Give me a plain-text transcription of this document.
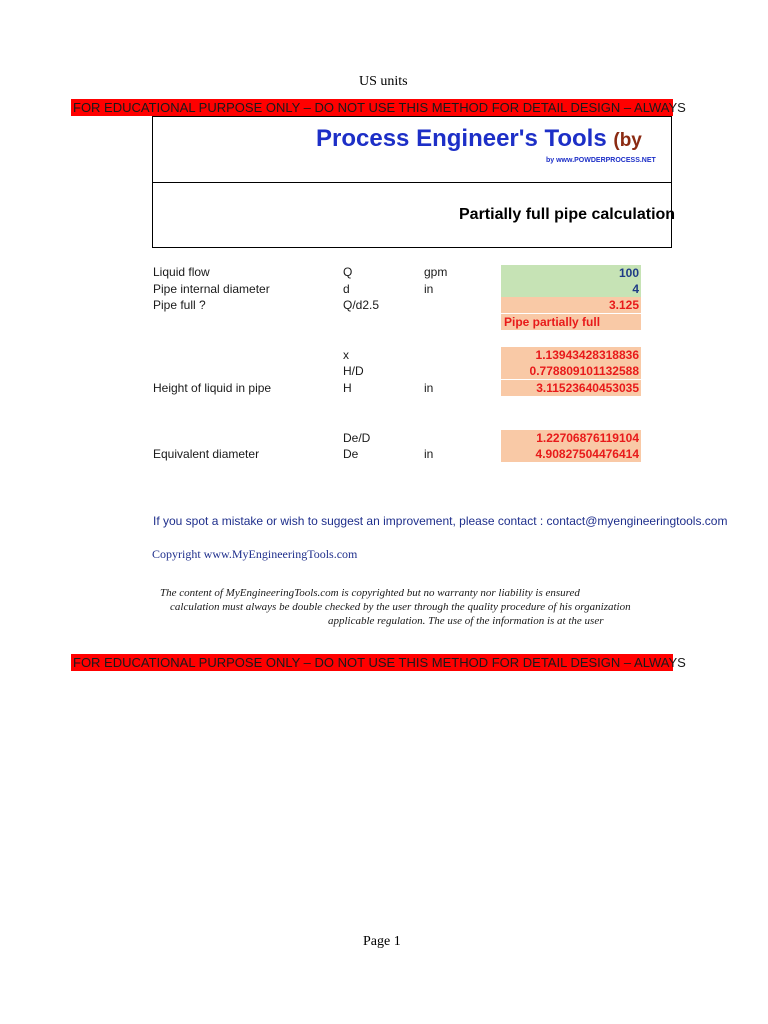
US units
FOR EDUCATIONAL PURPOSE ONLY – DO NOT USE THIS METHOD FOR DETAIL DESIGN – ALWAYS
Process Engineer's Tools (by
by www.POWDERPROCESS.NET
Partially full pipe calculation
Liquid flow	Q	gpm	100
Pipe internal diameter	d	in	4
Pipe full ?	Q/d2.5	3.125
Pipe partially full
x	1.13943428318836
H/D	0.778809101132588
Height of liquid in pipe	H	in	3.11523640453035
De/D	1.22706876119104
Equivalent diameter	De	in	4.90827504476414
If you spot a mistake or wish to suggest an improvement, please contact : contact@myengineeringtools.com
Copyright www.MyEngineeringTools.com
The content of MyEngineeringTools.com is copyrighted but no warranty nor liability is ensured
calculation must always be double checked by the user through the quality procedure of his organization
applicable regulation. The use of the information is at the user
FOR EDUCATIONAL PURPOSE ONLY – DO NOT USE THIS METHOD FOR DETAIL DESIGN – ALWAYS
Page 1
